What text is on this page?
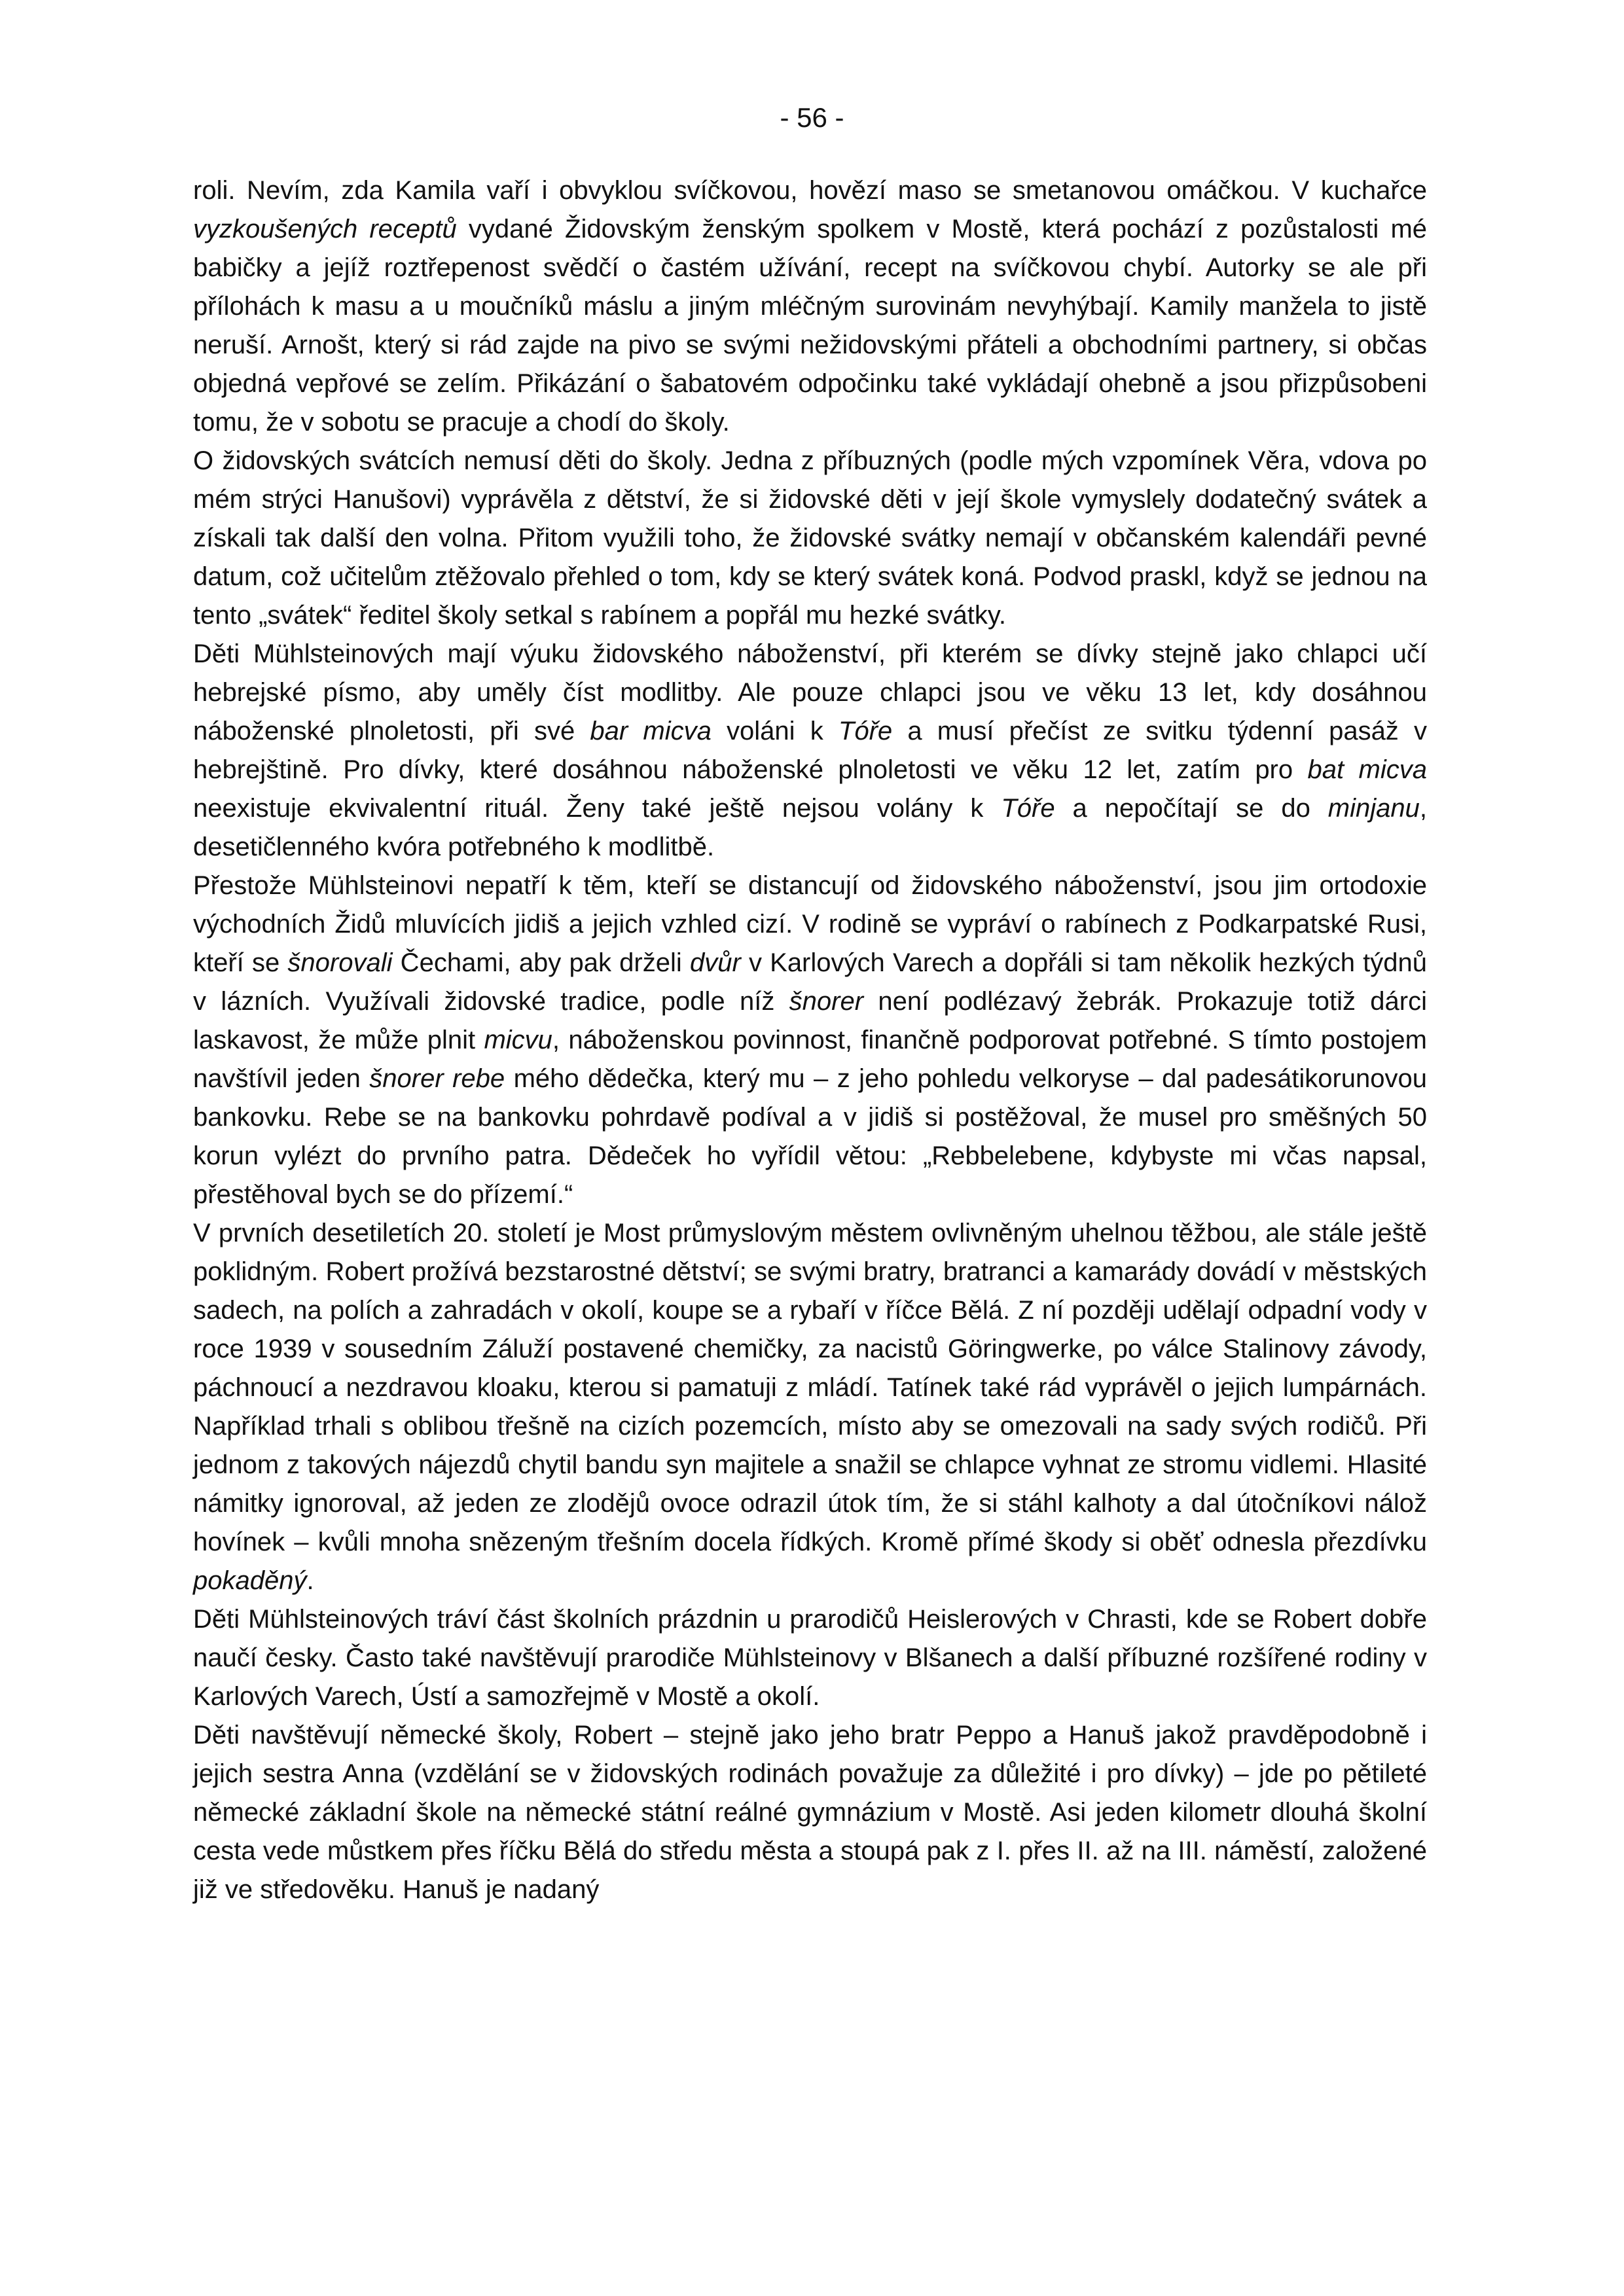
- 56 -

roli. Nevím, zda Kamila vaří i obvyklou svíčkovou, hovězí maso se smetanovou omáčkou. V kuchařce vyzkoušených receptů vydané Židovským ženským spolkem v Mostě, která pochází z pozůstalosti mé babičky a jejíž roztřepenost svědčí o častém užívání, recept na svíčkovou chybí. Autorky se ale při přílohách k masu a u moučníků máslu a jiným mléčným surovinám nevyhýbají. Kamily manžela to jistě neruší. Arnošt, který si rád zajde na pivo se svými nežidovskými přáteli a obchodními partnery, si občas objedná vepřové se zelím. Přikázání o šabatovém odpočinku také vykládají ohebně a jsou přizpůsobeni tomu, že v sobotu se pracuje a chodí do školy.

O židovských svátcích nemusí děti do školy. Jedna z příbuzných (podle mých vzpomínek Věra, vdova po mém strýci Hanušovi) vyprávěla z dětství, že si židovské děti v její škole vymyslely dodatečný svátek a získali tak další den volna. Přitom využili toho, že židovské svátky nemají v občanském kalendáři pevné datum, což učitelům ztěžovalo přehled o tom, kdy se který svátek koná. Podvod praskl, když se jednou na tento „svátek“ ředitel školy setkal s rabínem a popřál mu hezké svátky.

Děti Mühlsteinových mají výuku židovského náboženství, při kterém se dívky stejně jako chlapci učí hebrejské písmo, aby uměly číst modlitby. Ale pouze chlapci jsou ve věku 13 let, kdy dosáhnou náboženské plnoletosti, při své bar micva voláni k Tóře a musí přečíst ze svitku týdenní pasáž v hebrejštině. Pro dívky, které dosáhnou náboženské plnoletosti ve věku 12 let, zatím pro bat micva neexistuje ekvivalentní rituál. Ženy také ještě nejsou volány k Tóře a nepočítají se do minjanu, desetičlenného kvóra potřebného k modlitbě.

Přestože Mühlsteinovi nepatří k těm, kteří se distancují od židovského náboženství, jsou jim ortodoxie východních Židů mluvících jidiš a jejich vzhled cizí. V rodině se vypráví o rabínech z Podkarpatské Rusi, kteří se šnorovali Čechami, aby pak drželi dvůr v Karlových Varech a dopřáli si tam několik hezkých týdnů v lázních. Využívali židovské tradice, podle níž šnorer není podlézavý žebrák. Prokazuje totiž dárci laskavost, že může plnit micvu, náboženskou povinnost, finančně podporovat potřebné. S tímto postojem navštívil jeden šnorer rebe mého dědečka, který mu – z jeho pohledu velkoryse – dal padesátikorunovou bankovku. Rebe se na bankovku pohrdavě podíval a v jidiš si postěžoval, že musel pro směšných 50 korun vylézt do prvního patra. Dědeček ho vyřídil větou: „Rebbelebene, kdybyste mi včas napsal, přestěhoval bych se do přízemí.“

V prvních desetiletích 20. století je Most průmyslovým městem ovlivněným uhelnou těžbou, ale stále ještě poklidným. Robert prožívá bezstarostné dětství; se svými bratry, bratranci a kamarády dovádí v městských sadech, na polích a zahradách v okolí, koupe se a rybaří v říčce Bělá. Z ní později udělají odpadní vody v roce 1939 v sousedním Záluží postavené chemičky, za nacistů Göringwerke, po válce Stalinovy závody, páchnoucí a nezdravou kloaku, kterou si pamatuji z mládí. Tatínek také rád vyprávěl o jejich lumpárnách. Například trhali s oblibou třešně na cizích pozemcích, místo aby se omezovali na sady svých rodičů. Při jednom z takových nájezdů chytil bandu syn majitele a snažil se chlapce vyhnat ze stromu vidlemi. Hlasité námitky ignoroval, až jeden ze zlodějů ovoce odrazil útok tím, že si stáhl kalhoty a dal útočníkovi nálož hovínek – kvůli mnoha snězeným třešním docela řídkých. Kromě přímé škody si oběť odnesla přezdívku pokaděný.

Děti Mühlsteinových tráví část školních prázdnin u prarodičů Heislerových v Chrasti, kde se Robert dobře naučí česky. Často také navštěvují prarodiče Mühlsteinovy v Blšanech a další příbuzné rozšířené rodiny v Karlových Varech, Ústí a samozřejmě v Mostě a okolí.

Děti navštěvují německé školy, Robert – stejně jako jeho bratr Peppo a Hanuš jakož pravděpodobně i jejich sestra Anna (vzdělání se v židovských rodinách považuje za důležité i pro dívky) – jde po pětileté německé základní škole na německé státní reálné gymnázium v Mostě. Asi jeden kilometr dlouhá školní cesta vede můstkem přes říčku Bělá do středu města a stoupá pak z I. přes II. až na III. náměstí, založené již ve středověku. Hanuš je nadaný
